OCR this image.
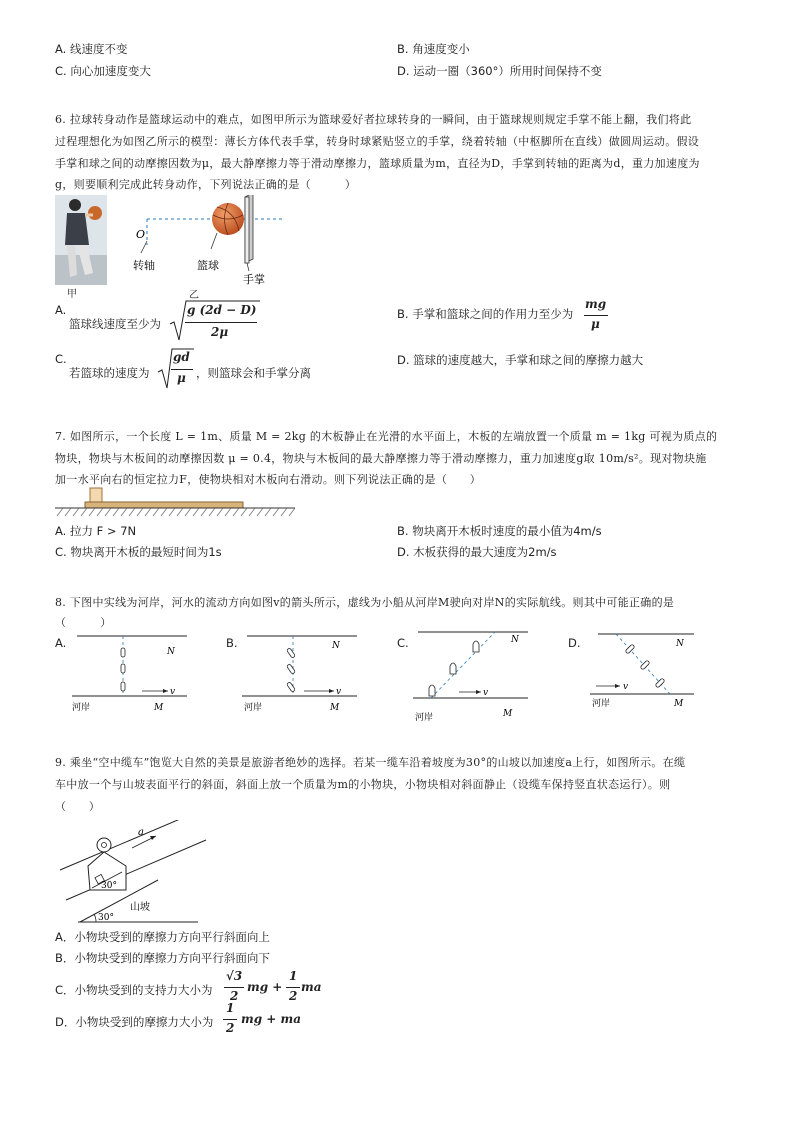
A. 线速度不变	B. 角速度变小
C. 向心加速度变大	D. 运动一圈（360°）所用时间保持不变
6. 拉球转身动作是篮球运动中的难点，如图甲所示为篮球爱好者拉球转身的一瞬间，由于篮球规则规定手掌不能上翻，我们将此
过程理想化为如图乙所示的模型：薄长方体代表手掌，转身时球紧贴竖立的手掌，绕着转轴（中枢脚所在直线）做圆周运动。假设
手掌和球之间的动摩擦因数为μ，最大静摩擦力等于滑动摩擦力，篮球质量为m，直径为D，手掌到转轴的距离为d，重力加速度为
g，则要顺利完成此转身动作，下列说法正确的是（　　　）
甲
O
转轴	篮球
手掌
乙
A.
篮球线速度至少为
g (2d − D)
2μ
B. 手掌和篮球之间的作用力至少为
mg
μ
C.
若篮球的速度为
gd
μ ，则篮球会和手掌分离
D. 篮球的速度越大，手掌和球之间的摩擦力越大
7. 如图所示，一个长度 L = 1m、质量 M = 2kg 的木板静止在光滑的水平面上，木板的左端放置一个质量 m = 1kg 可视为质点的
物块，物块与木板间的动摩擦因数 μ = 0.4，物块与木板间的最大静摩擦力等于滑动摩擦力，重力加速度g取 10m/s²。现对物块施
加一水平向右的恒定拉力F，使物块相对木板向右滑动。则下列说法正确的是（　　）
A. 拉力 F > 7N	B. 物块离开木板时速度的最小值为4m/s
C. 物块离开木板的最短时间为1s	D. 木板获得的最大速度为2m/s
8. 下图中实线为河岸，河水的流动方向如图v的箭头所示，虚线为小船从河岸M驶向对岸N的实际航线。则其中可能正确的是
（　　　）
A.
v
N
M
河岸
B.
v
N
M
河岸
C.
v
N
M
河岸
D.
v
N
M
河岸
9. 乘坐“空中缆车”饱览大自然的美景是旅游者绝妙的选择。若某一缆车沿着坡度为30°的山坡以加速度a上行，如图所示。在缆
车中放一个与山坡表面平行的斜面，斜面上放一个质量为m的小物块，小物块相对斜面静止（设缆车保持竖直状态运行）。则
（　　）
30°
a
30°
山坡
A．小物块受到的摩擦力方向平行斜面向上
B．小物块受到的摩擦力方向平行斜面向下
C．小物块受到的支持力大小为
√3
2
mg +
1
2
ma
D．小物块受到的摩擦力大小为
1
2
mg + ma
